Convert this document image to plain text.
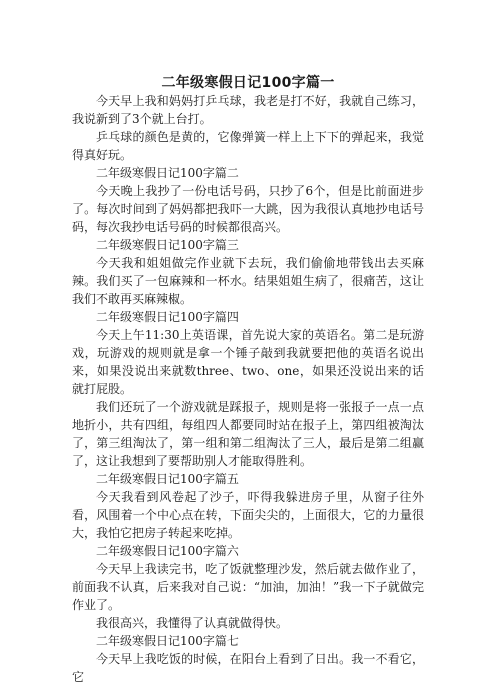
二年级寒假日记100字篇一

今天早上我和妈妈打乒乓球，我老是打不好，我就自己练习，我说新到了3个就上台打。

乒乓球的颜色是黄的，它像弹簧一样上上下下的弹起来，我觉得真好玩。

二年级寒假日记100字篇二

今天晚上我抄了一份电话号码，只抄了6个，但是比前面进步了。每次时间到了妈妈都把我吓一大跳，因为我很认真地抄电话号码，每次我抄电话号码的时候都很高兴。

二年级寒假日记100字篇三

今天我和姐姐做完作业就下去玩，我们偷偷地带钱出去买麻辣。我们买了一包麻辣和一杯水。结果姐姐生病了，很痛苦，这让我们不敢再买麻辣椒。

二年级寒假日记100字篇四

今天上午11:30上英语课，首先说大家的英语名。第二是玩游戏，玩游戏的规则就是拿一个锤子敲到我就要把他的英语名说出来，如果没说出来就数three、two、one，如果还没说出来的话就打屁股。

我们还玩了一个游戏就是踩报子，规则是将一张报子一点一点地折小，共有四组，每组四人都要同时站在报子上，第四组被淘汰了，第三组淘汰了，第一组和第二组淘汰了三人，最后是第二组赢了，这让我想到了要帮助别人才能取得胜利。

二年级寒假日记100字篇五

今天我看到风卷起了沙子，吓得我躲进房子里，从窗子往外看，风围着一个中心点在转，下面尖尖的，上面很大，它的力量很大，我怕它把房子转起来吃掉。

二年级寒假日记100字篇六

今天早上我读完书，吃了饭就整理沙发，然后就去做作业了，前面我不认真，后来我对自己说：“加油，加油！”我一下子就做完作业了。

我很高兴，我懂得了认真就做得快。

二年级寒假日记100字篇七

今天早上我吃饭的时候，在阳台上看到了日出。我一不看它，它
